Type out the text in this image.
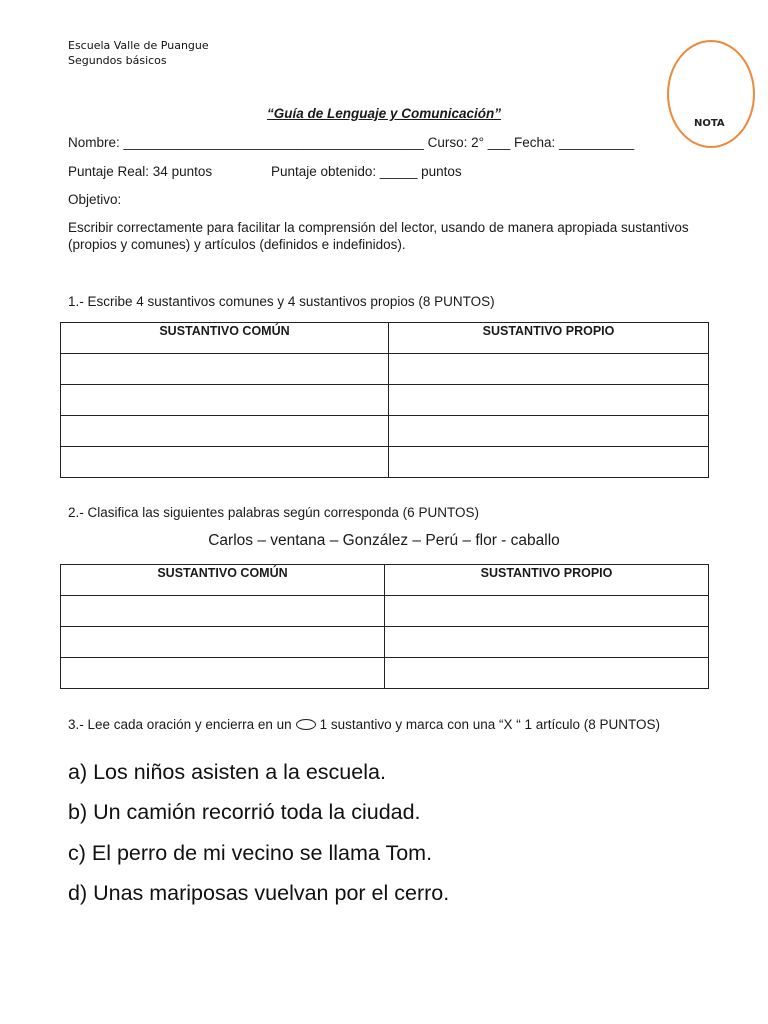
Escuela Valle de Puangue
Segundos básicos
NOTA
“Guía de Lenguaje y Comunicación”
Nombre: ________________________________________ Curso: 2° ___ Fecha: __________
Puntaje Real: 34 puntos	Puntaje obtenido: _____ puntos
Objetivo:
Escribir correctamente para facilitar la comprensión del lector, usando de manera apropiada sustantivos (propios y comunes) y artículos (definidos e indefinidos).
1.- Escribe 4 sustantivos comunes y 4 sustantivos propios (8 PUNTOS)
SUSTANTIVO COMÚN	SUSTANTIVO PROPIO

2.- Clasifica las siguientes palabras según corresponda (6 PUNTOS)
Carlos – ventana – González – Perú – flor - caballo
SUSTANTIVO COMÚN	SUSTANTIVO PROPIO

3.- Lee cada oración y encierra en un 1 sustantivo y marca con una “X “ 1 artículo (8 PUNTOS)
a) Los niños asisten a la escuela.
b) Un camión recorrió toda la ciudad.
c) El perro de mi vecino se llama Tom.
d) Unas mariposas vuelvan por el cerro.
